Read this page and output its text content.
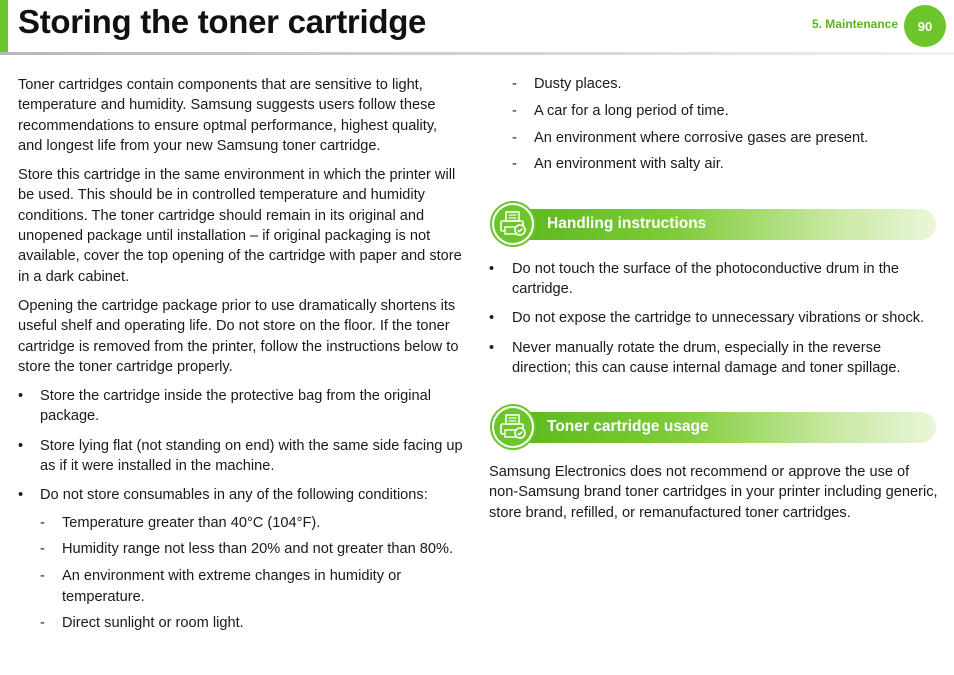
Storing the toner cartridge	5. Maintenance	90

Toner cartridges contain components that are sensitive to light, temperature and humidity. Samsung suggests users follow these recommendations to ensure optmal performance, highest quality, and longest life from your new Samsung toner cartridge.

Store this cartridge in the same environment in which the printer will be used. This should be in controlled temperature and humidity conditions. The toner cartridge should remain in its original and unopened package until installation – if original packaging is not available, cover the top opening of the cartridge with paper and store in a dark cabinet.

Opening the cartridge package prior to use dramatically shortens its useful shelf and operating life. Do not store on the floor. If the toner cartridge is removed from the printer, follow the instructions below to store the toner cartridge properly.

•	Store the cartridge inside the protective bag from the original package.
•	Store lying flat (not standing on end) with the same side facing up as if it were installed in the machine.
•	Do not store consumables in any of the following conditions:
- Temperature greater than 40°C (104°F).
- Humidity range not less than 20% and not greater than 80%.
- An environment with extreme changes in humidity or temperature.
- Direct sunlight or room light.
- Dusty places.
- A car for a long period of time.
- An environment where corrosive gases are present.
- An environment with salty air.
Handling instructions
•	Do not touch the surface of the photoconductive drum in the cartridge.
•	Do not expose the cartridge to unnecessary vibrations or shock.
•	Never manually rotate the drum, especially in the reverse direction; this can cause internal damage and toner spillage.
Toner cartridge usage

Samsung Electronics does not recommend or approve the use of non-Samsung brand toner cartridges in your printer including generic, store brand, refilled, or remanufactured toner cartridges.
